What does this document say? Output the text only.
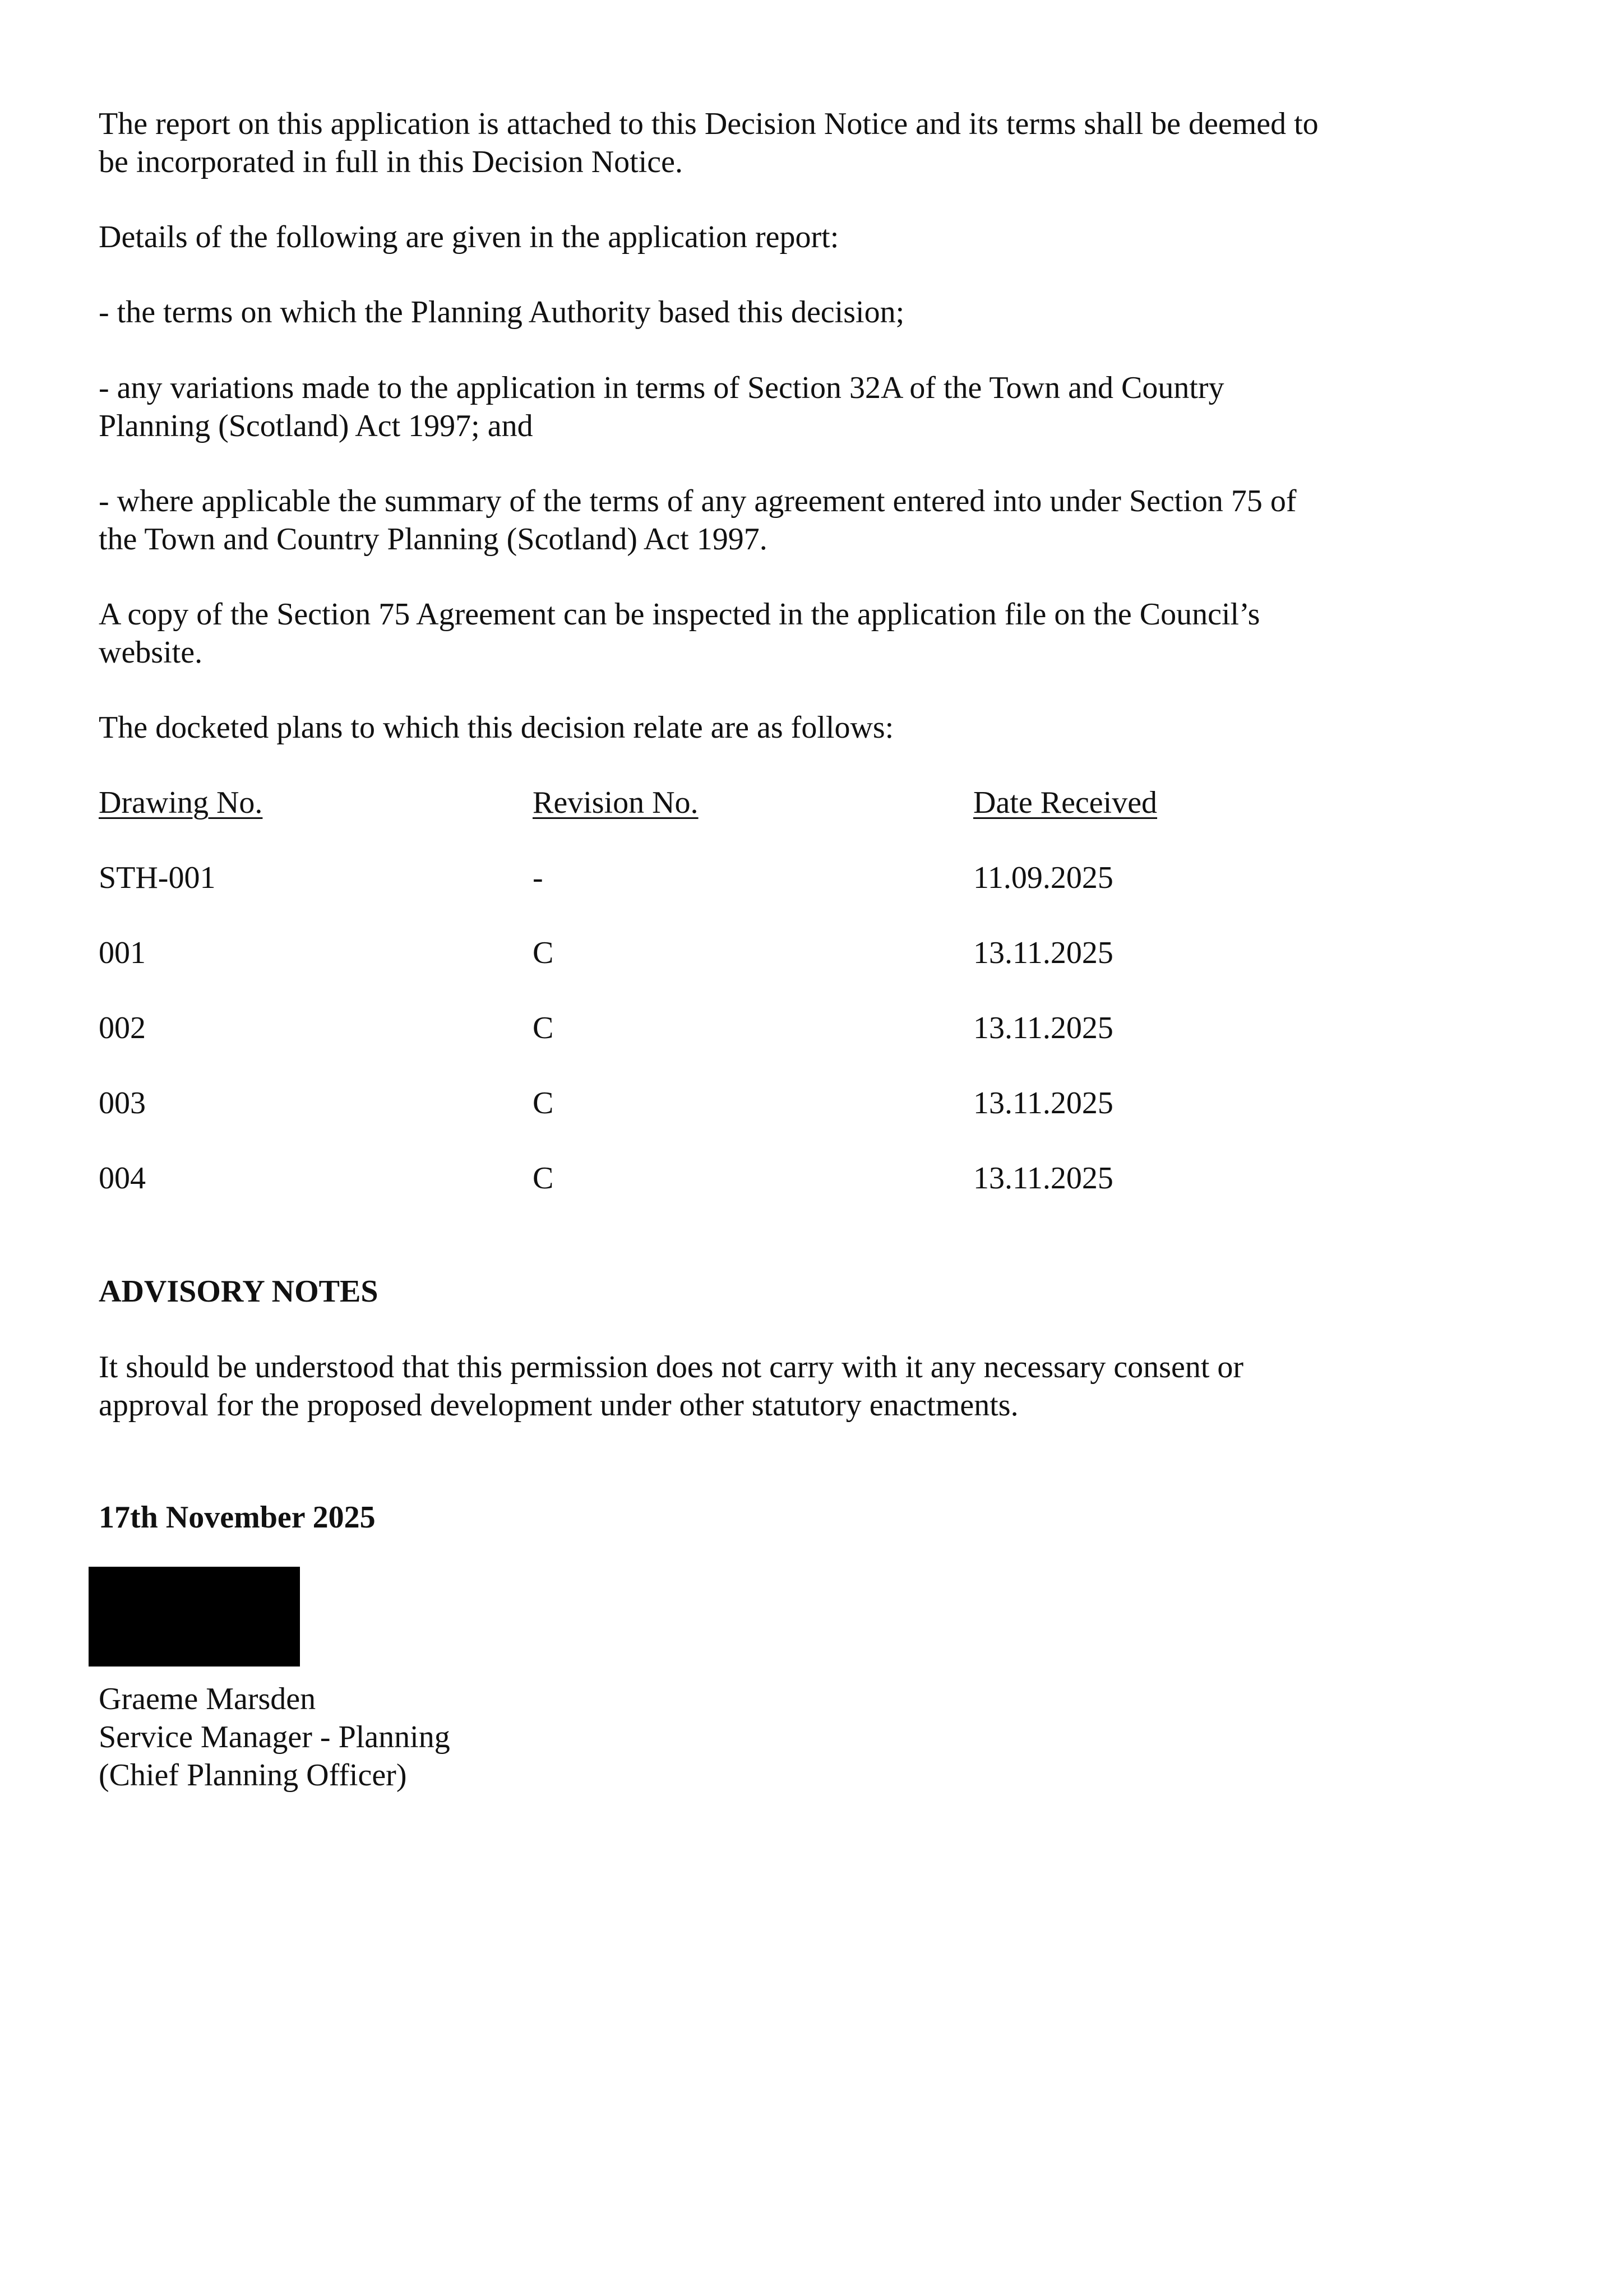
The report on this application is attached to this Decision Notice and its terms shall be deemed to
be incorporated in full in this Decision Notice.
Details of the following are given in the application report:
- the terms on which the Planning Authority based this decision;
- any variations made to the application in terms of Section 32A of the Town and Country
Planning (Scotland) Act 1997; and
- where applicable the summary of the terms of any agreement entered into under Section 75 of
the Town and Country Planning (Scotland) Act 1997.
A copy of the Section 75 Agreement can be inspected in the application file on the Council’s
website.
The docketed plans to which this decision relate are as follows:
Drawing No.	Revision No.	Date Received
STH-001	-	11.09.2025
001	C	13.11.2025
002	C	13.11.2025
003	C	13.11.2025
004	C	13.11.2025
ADVISORY NOTES
It should be understood that this permission does not carry with it any necessary consent or
approval for the proposed development under other statutory enactments.
17th November 2025
Graeme Marsden
Service Manager - Planning
(Chief Planning Officer)
